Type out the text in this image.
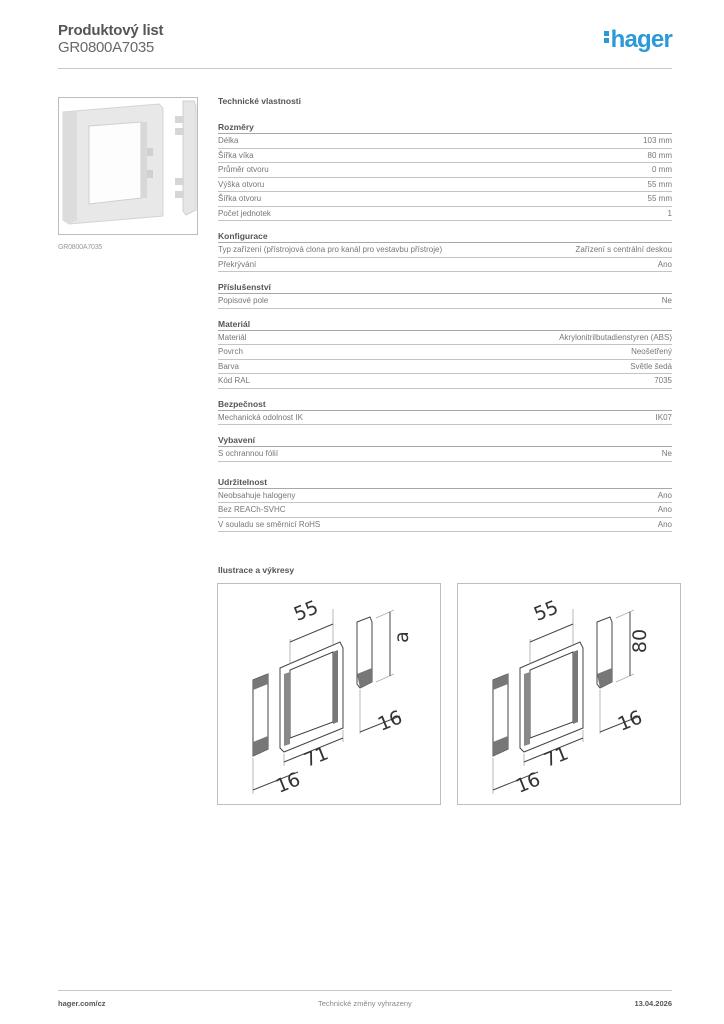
Produktový list
GR0800A7035	hager
GR0800A7035
Technické vlastnosti
Rozměry
Délka	103 mm
Šířka víka	80 mm
Průměr otvoru	0 mm
Výška otvoru	55 mm
Šířka otvoru	55 mm
Počet jednotek	1
Konfigurace
Typ zařízení (přístrojová clona pro kanál pro vestavbu přístroje)	Zařízení s centrální deskou
Překrývání	Ano
Příslušenství
Popisové pole	Ne
Materiál
Materiál	Akrylonitrilbutadienstyren (ABS)
Povrch	Neošetřený
Barva	Světle šedá
Kód RAL	7035
Bezpečnost
Mechanická odolnost IK	IK07
Vybavení
S ochrannou fólií	Ne
Udržitelnost
Neobsahuje halogeny	Ano
Bez REACh-SVHC	Ano
V souladu se směrnicí RoHS	Ano
Ilustrace a výkresy
55
a
16
71
16
55
80
16
71
16
hager.com/cz	Technické změny vyhrazeny	13.04.2026
